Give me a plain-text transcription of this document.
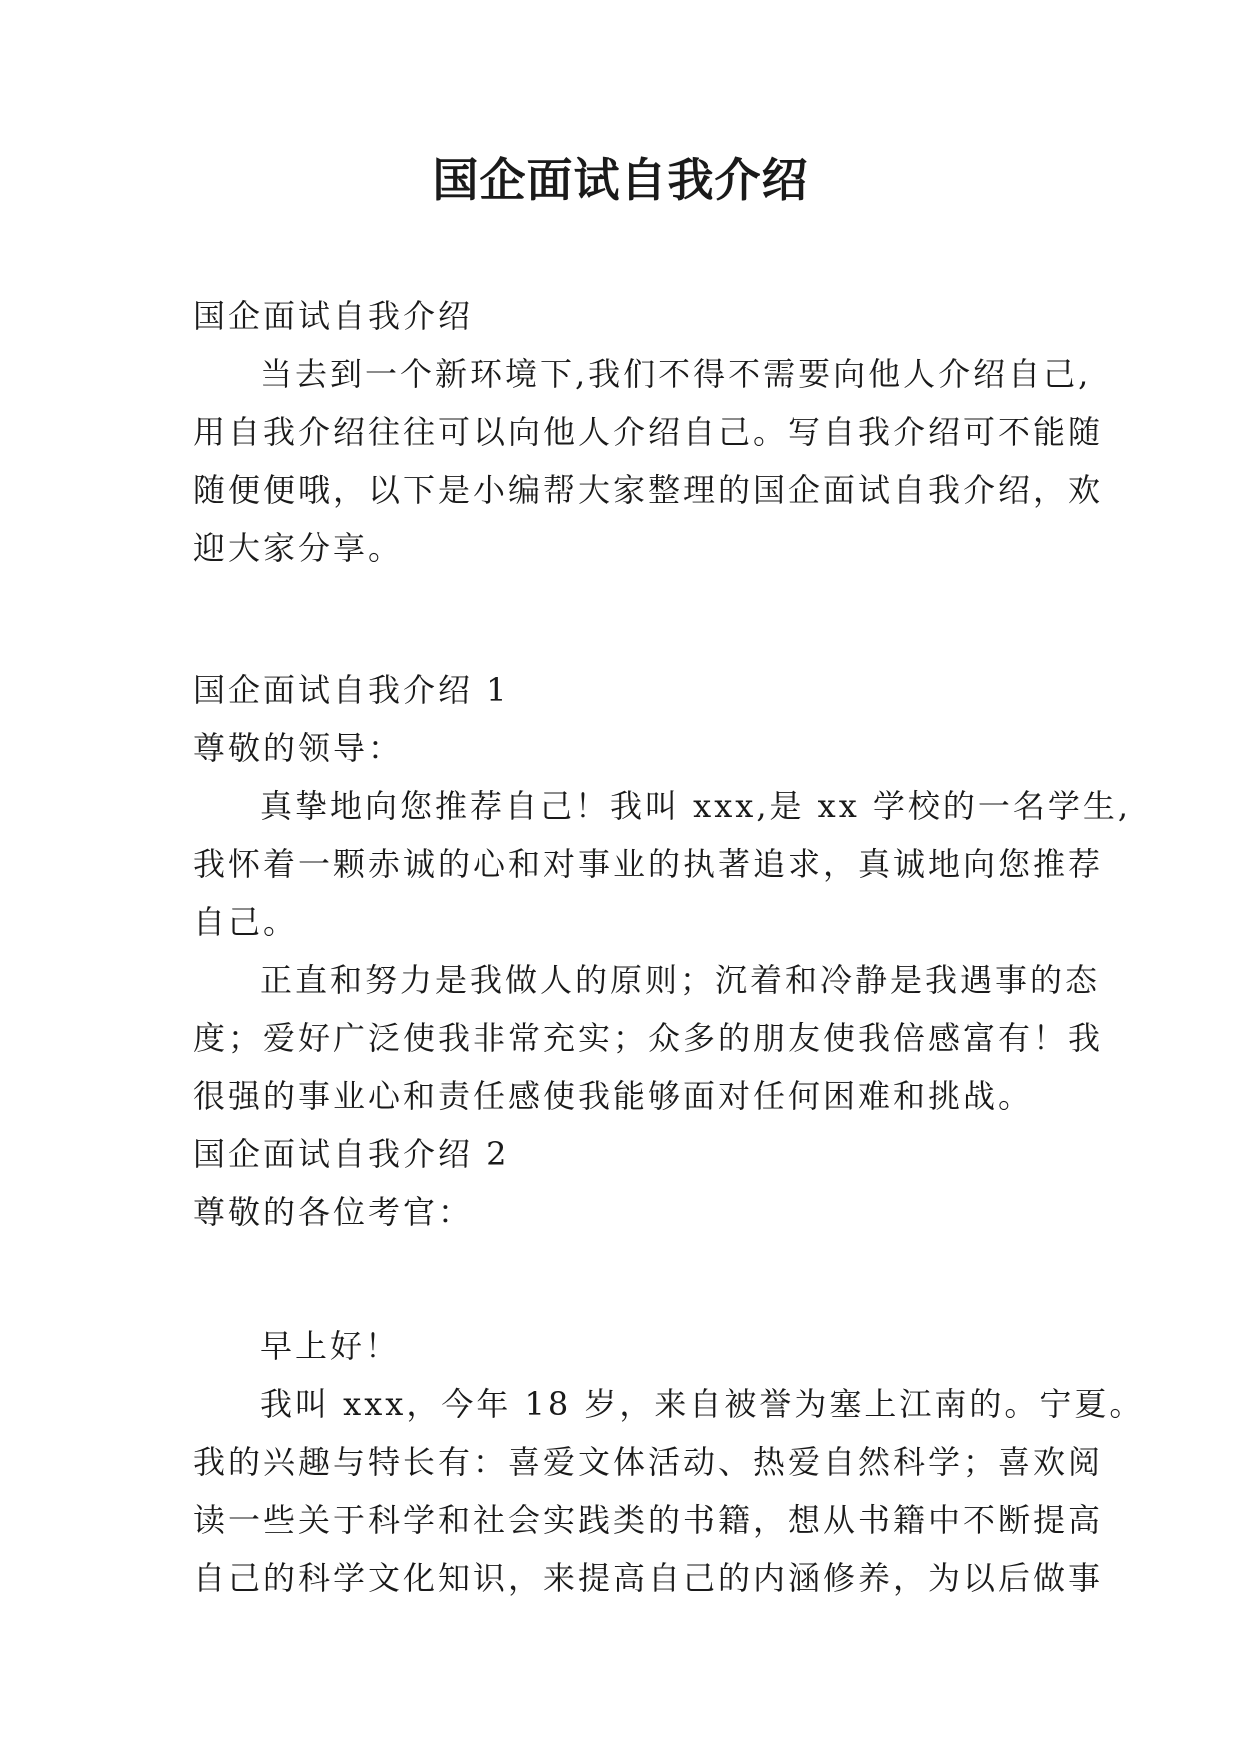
国企面试自我介绍
国企面试自我介绍
当去到一个新环境下,我们不得不需要向他人介绍自己,
用自我介绍往往可以向他人介绍自己。写自我介绍可不能随
随便便哦，以下是小编帮大家整理的国企面试自我介绍，欢
迎大家分享。
国企面试自我介绍 1
尊敬的领导：
真挚地向您推荐自己！我叫 xxx,是 xx 学校的一名学生,
我怀着一颗赤诚的心和对事业的执著追求，真诚地向您推荐
自己。
正直和努力是我做人的原则；沉着和冷静是我遇事的态
度；爱好广泛使我非常充实；众多的朋友使我倍感富有！我
很强的事业心和责任感使我能够面对任何困难和挑战。
国企面试自我介绍 2
尊敬的各位考官：
早上好！
我叫 xxx，今年 18 岁，来自被誉为塞上江南的。宁夏。
我的兴趣与特长有：喜爱文体活动、热爱自然科学；喜欢阅
读一些关于科学和社会实践类的书籍，想从书籍中不断提高
自己的科学文化知识，来提高自己的内涵修养，为以后做事
